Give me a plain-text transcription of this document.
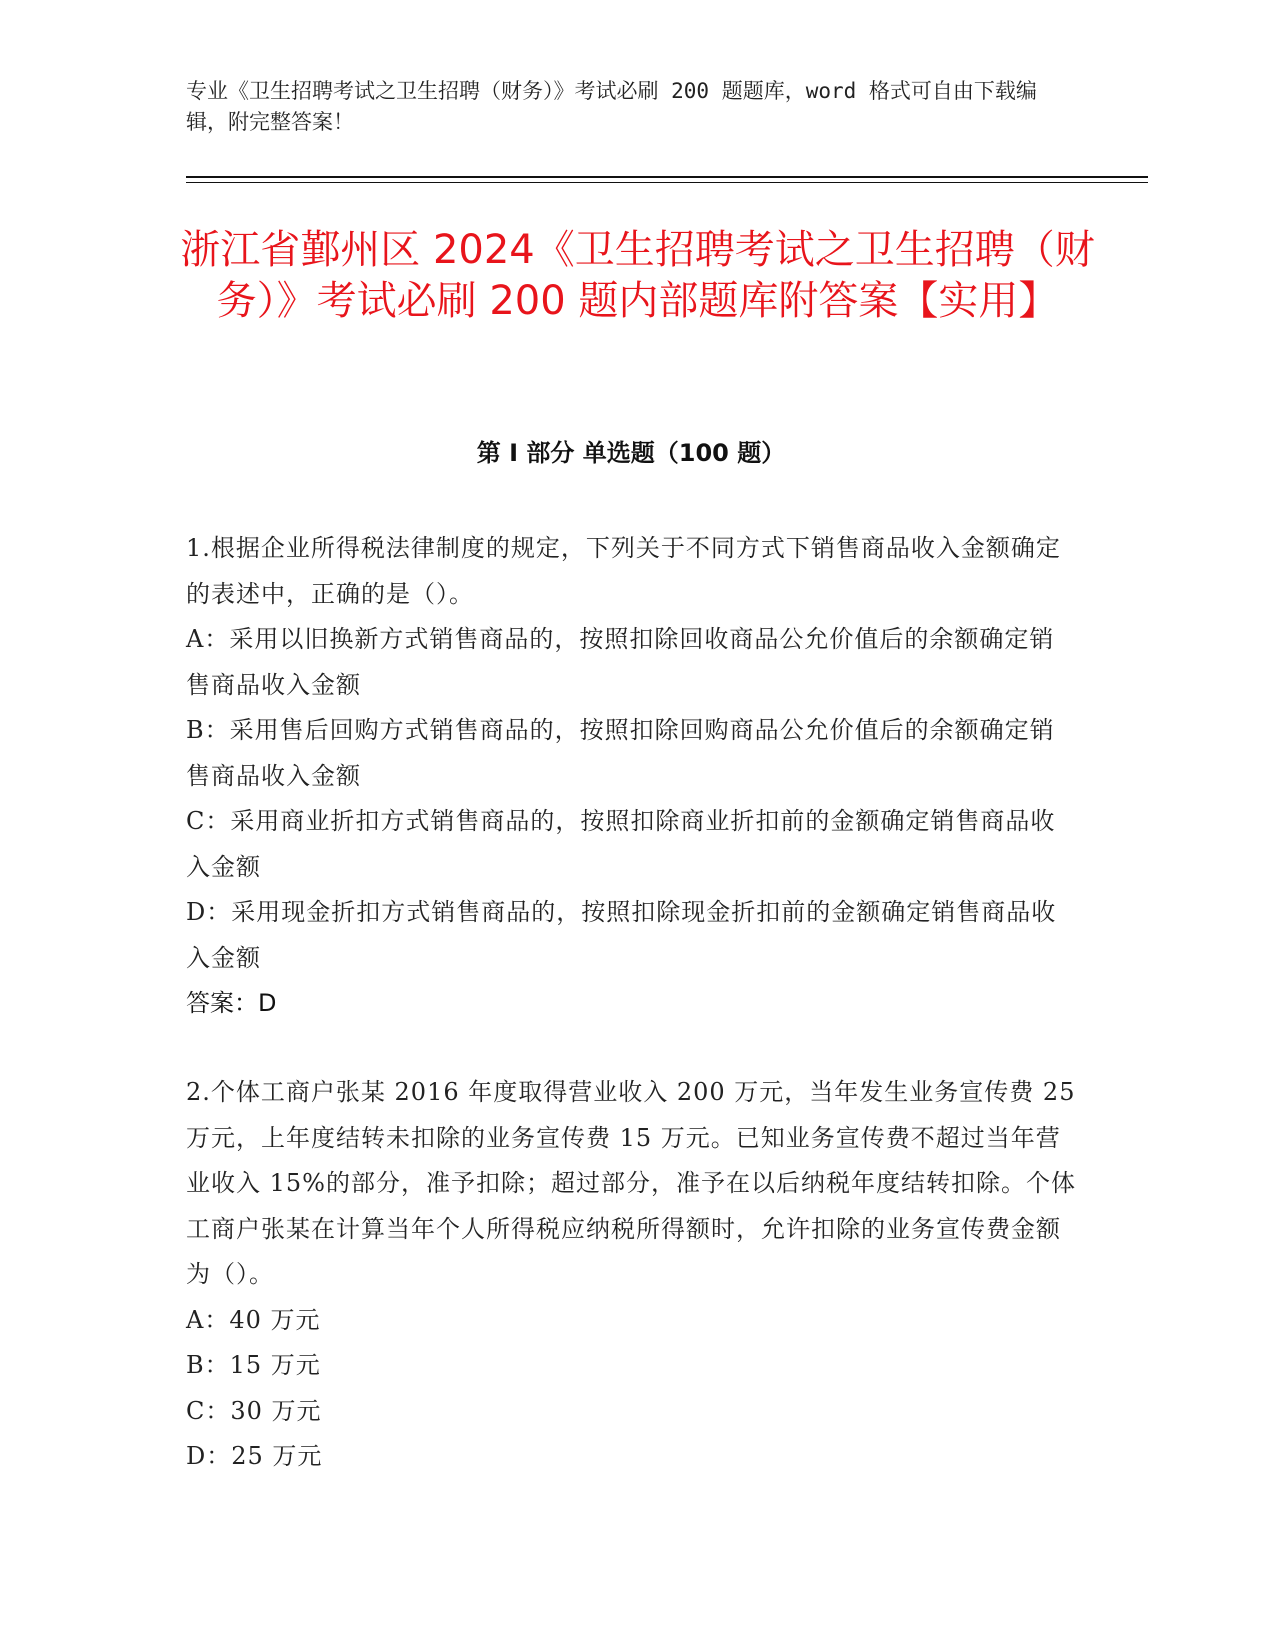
专业《卫生招聘考试之卫生招聘（财务）》考试必刷 200 题题库，word 格式可自由下载编辑，附完整答案！
浙江省鄞州区 2024《卫生招聘考试之卫生招聘（财务）》考试必刷 200 题内部题库附答案【实用】
第 I 部分 单选题（100 题）
1.根据企业所得税法律制度的规定，下列关于不同方式下销售商品收入金额确定的表述中，正确的是（）。
A：采用以旧换新方式销售商品的，按照扣除回收商品公允价值后的余额确定销售商品收入金额
B：采用售后回购方式销售商品的，按照扣除回购商品公允价值后的余额确定销售商品收入金额
C：采用商业折扣方式销售商品的，按照扣除商业折扣前的金额确定销售商品收入金额
D：采用现金折扣方式销售商品的，按照扣除现金折扣前的金额确定销售商品收入金额
答案：D
2.个体工商户张某 2016 年度取得营业收入 200 万元，当年发生业务宣传费 25 万元，上年度结转未扣除的业务宣传费 15 万元。已知业务宣传费不超过当年营业收入 15%的部分，准予扣除；超过部分，准予在以后纳税年度结转扣除。个体工商户张某在计算当年个人所得税应纳税所得额时，允许扣除的业务宣传费金额为（）。
A：40 万元
B：15 万元
C：30 万元
D：25 万元
